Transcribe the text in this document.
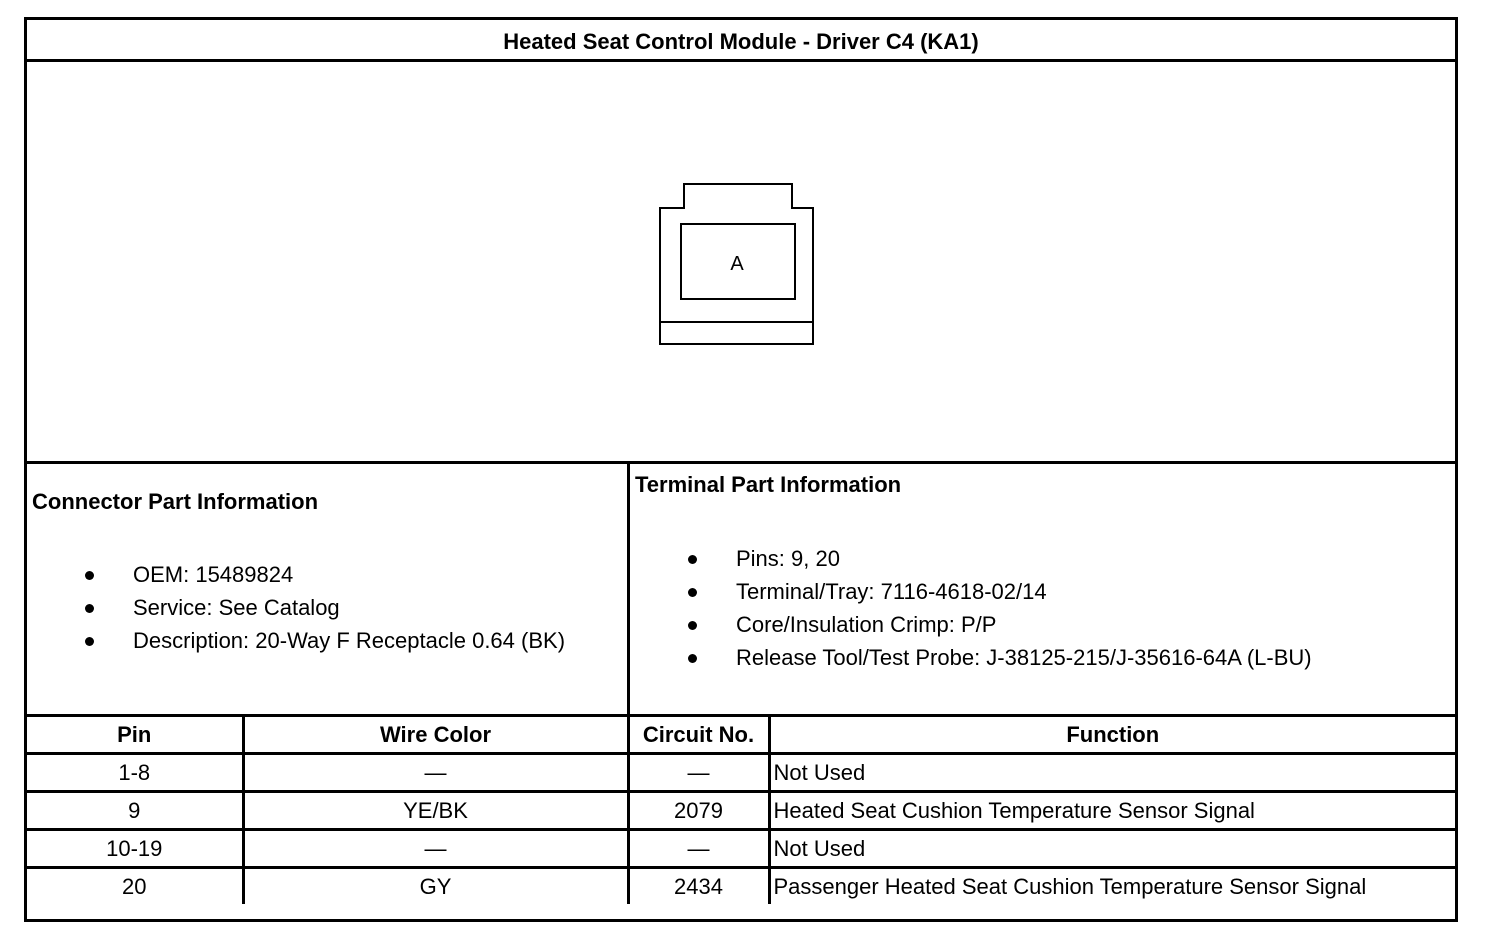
Heated Seat Control Module - Driver C4 (KA1)
A
Connector Part Information
OEM: 15489824
Service: See Catalog
Description: 20-Way F Receptacle 0.64 (BK)
Terminal Part Information
Pins: 9, 20
Terminal/Tray: 7116-4618-02/14
Core/Insulation Crimp: P/P
Release Tool/Test Probe: J-38125-215/J-35616-64A (L-BU)
Pin	Wire Color	Circuit No.	Function
1-8	—	—	Not Used
9	YE/BK	2079	Heated Seat Cushion Temperature Sensor Signal
10-19	—	—	Not Used
20	GY	2434	Passenger Heated Seat Cushion Temperature Sensor Signal
